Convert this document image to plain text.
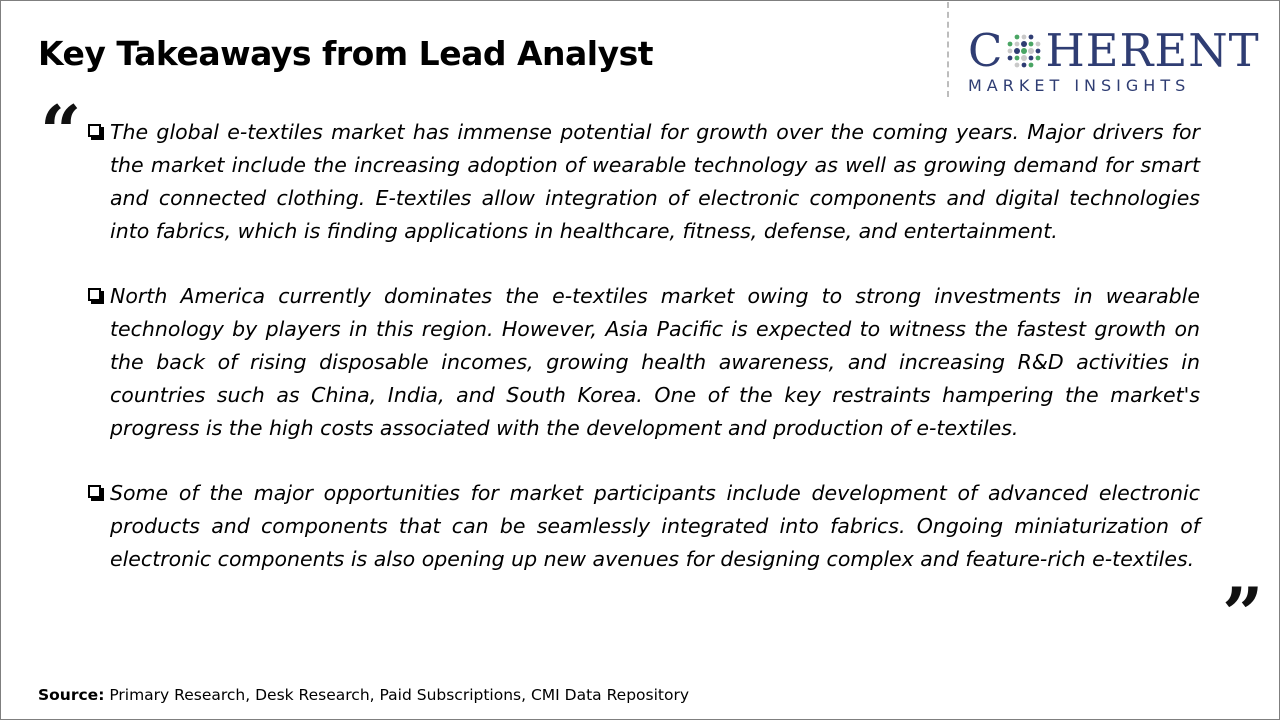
Key Takeaways from Lead Analyst	C HERENT
MARKET INSIGHTS
“ The global e-textiles market has immense potential for growth over the coming years. Major drivers for the market include the increasing adoption of wearable technology as well as growing demand for smart and connected clothing. E-textiles allow integration of electronic components and digital technologies into fabrics, which is finding applications in healthcare, fitness, defense, and entertainment.
North America currently dominates the e-textiles market owing to strong investments in wearable technology by players in this region. However, Asia Pacific is expected to witness the fastest growth on the back of rising disposable incomes, growing health awareness, and increasing R&D activities in countries such as China, India, and South Korea. One of the key restraints hampering the market's progress is the high costs associated with the development and production of e-textiles.
Some of the major opportunities for market participants include development of advanced electronic products and components that can be seamlessly integrated into fabrics. Ongoing miniaturization of electronic components is also opening up new avenues for designing complex and feature-rich e-textiles.
”
Source: Primary Research, Desk Research, Paid Subscriptions, CMI Data Repository
